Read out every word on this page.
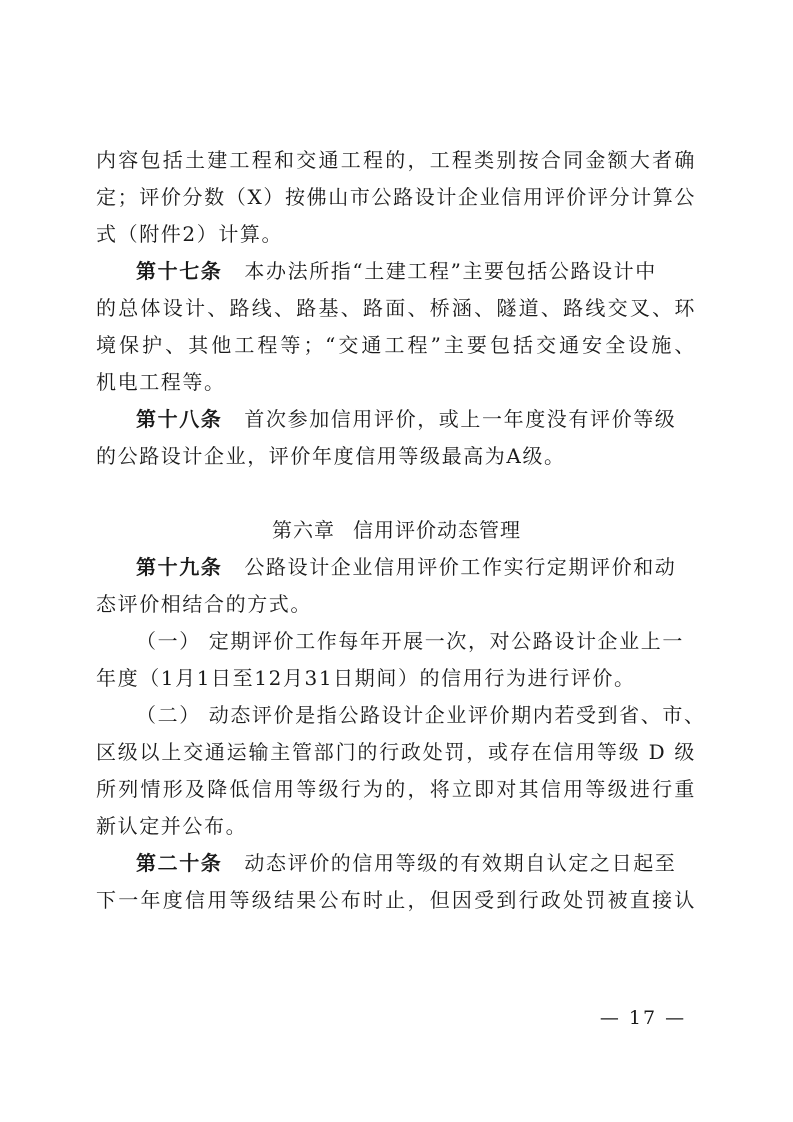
内容包括土建工程和交通工程的，工程类别按合同金额大者确
定；评价分数（X）按佛山市公路设计企业信用评价评分计算公
式（附件2）计算。
第十七条 本办法所指“土建工程”主要包括公路设计中
的总体设计、路线、路基、路面、桥涵、隧道、路线交叉、环
境保护、其他工程等；“交通工程”主要包括交通安全设施、
机电工程等。
第十八条 首次参加信用评价，或上一年度没有评价等级
的公路设计企业，评价年度信用等级最高为A级。
第六章 信用评价动态管理
第十九条 公路设计企业信用评价工作实行定期评价和动
态评价相结合的方式。
（一） 定期评价工作每年开展一次，对公路设计企业上一
年度（1月1日至12月31日期间）的信用行为进行评价。
（二） 动态评价是指公路设计企业评价期内若受到省、市、
区级以上交通运输主管部门的行政处罚，或存在信用等级 D 级
所列情形及降低信用等级行为的，将立即对其信用等级进行重
新认定并公布。
第二十条 动态评价的信用等级的有效期自认定之日起至
下一年度信用等级结果公布时止，但因受到行政处罚被直接认
— 17 —
